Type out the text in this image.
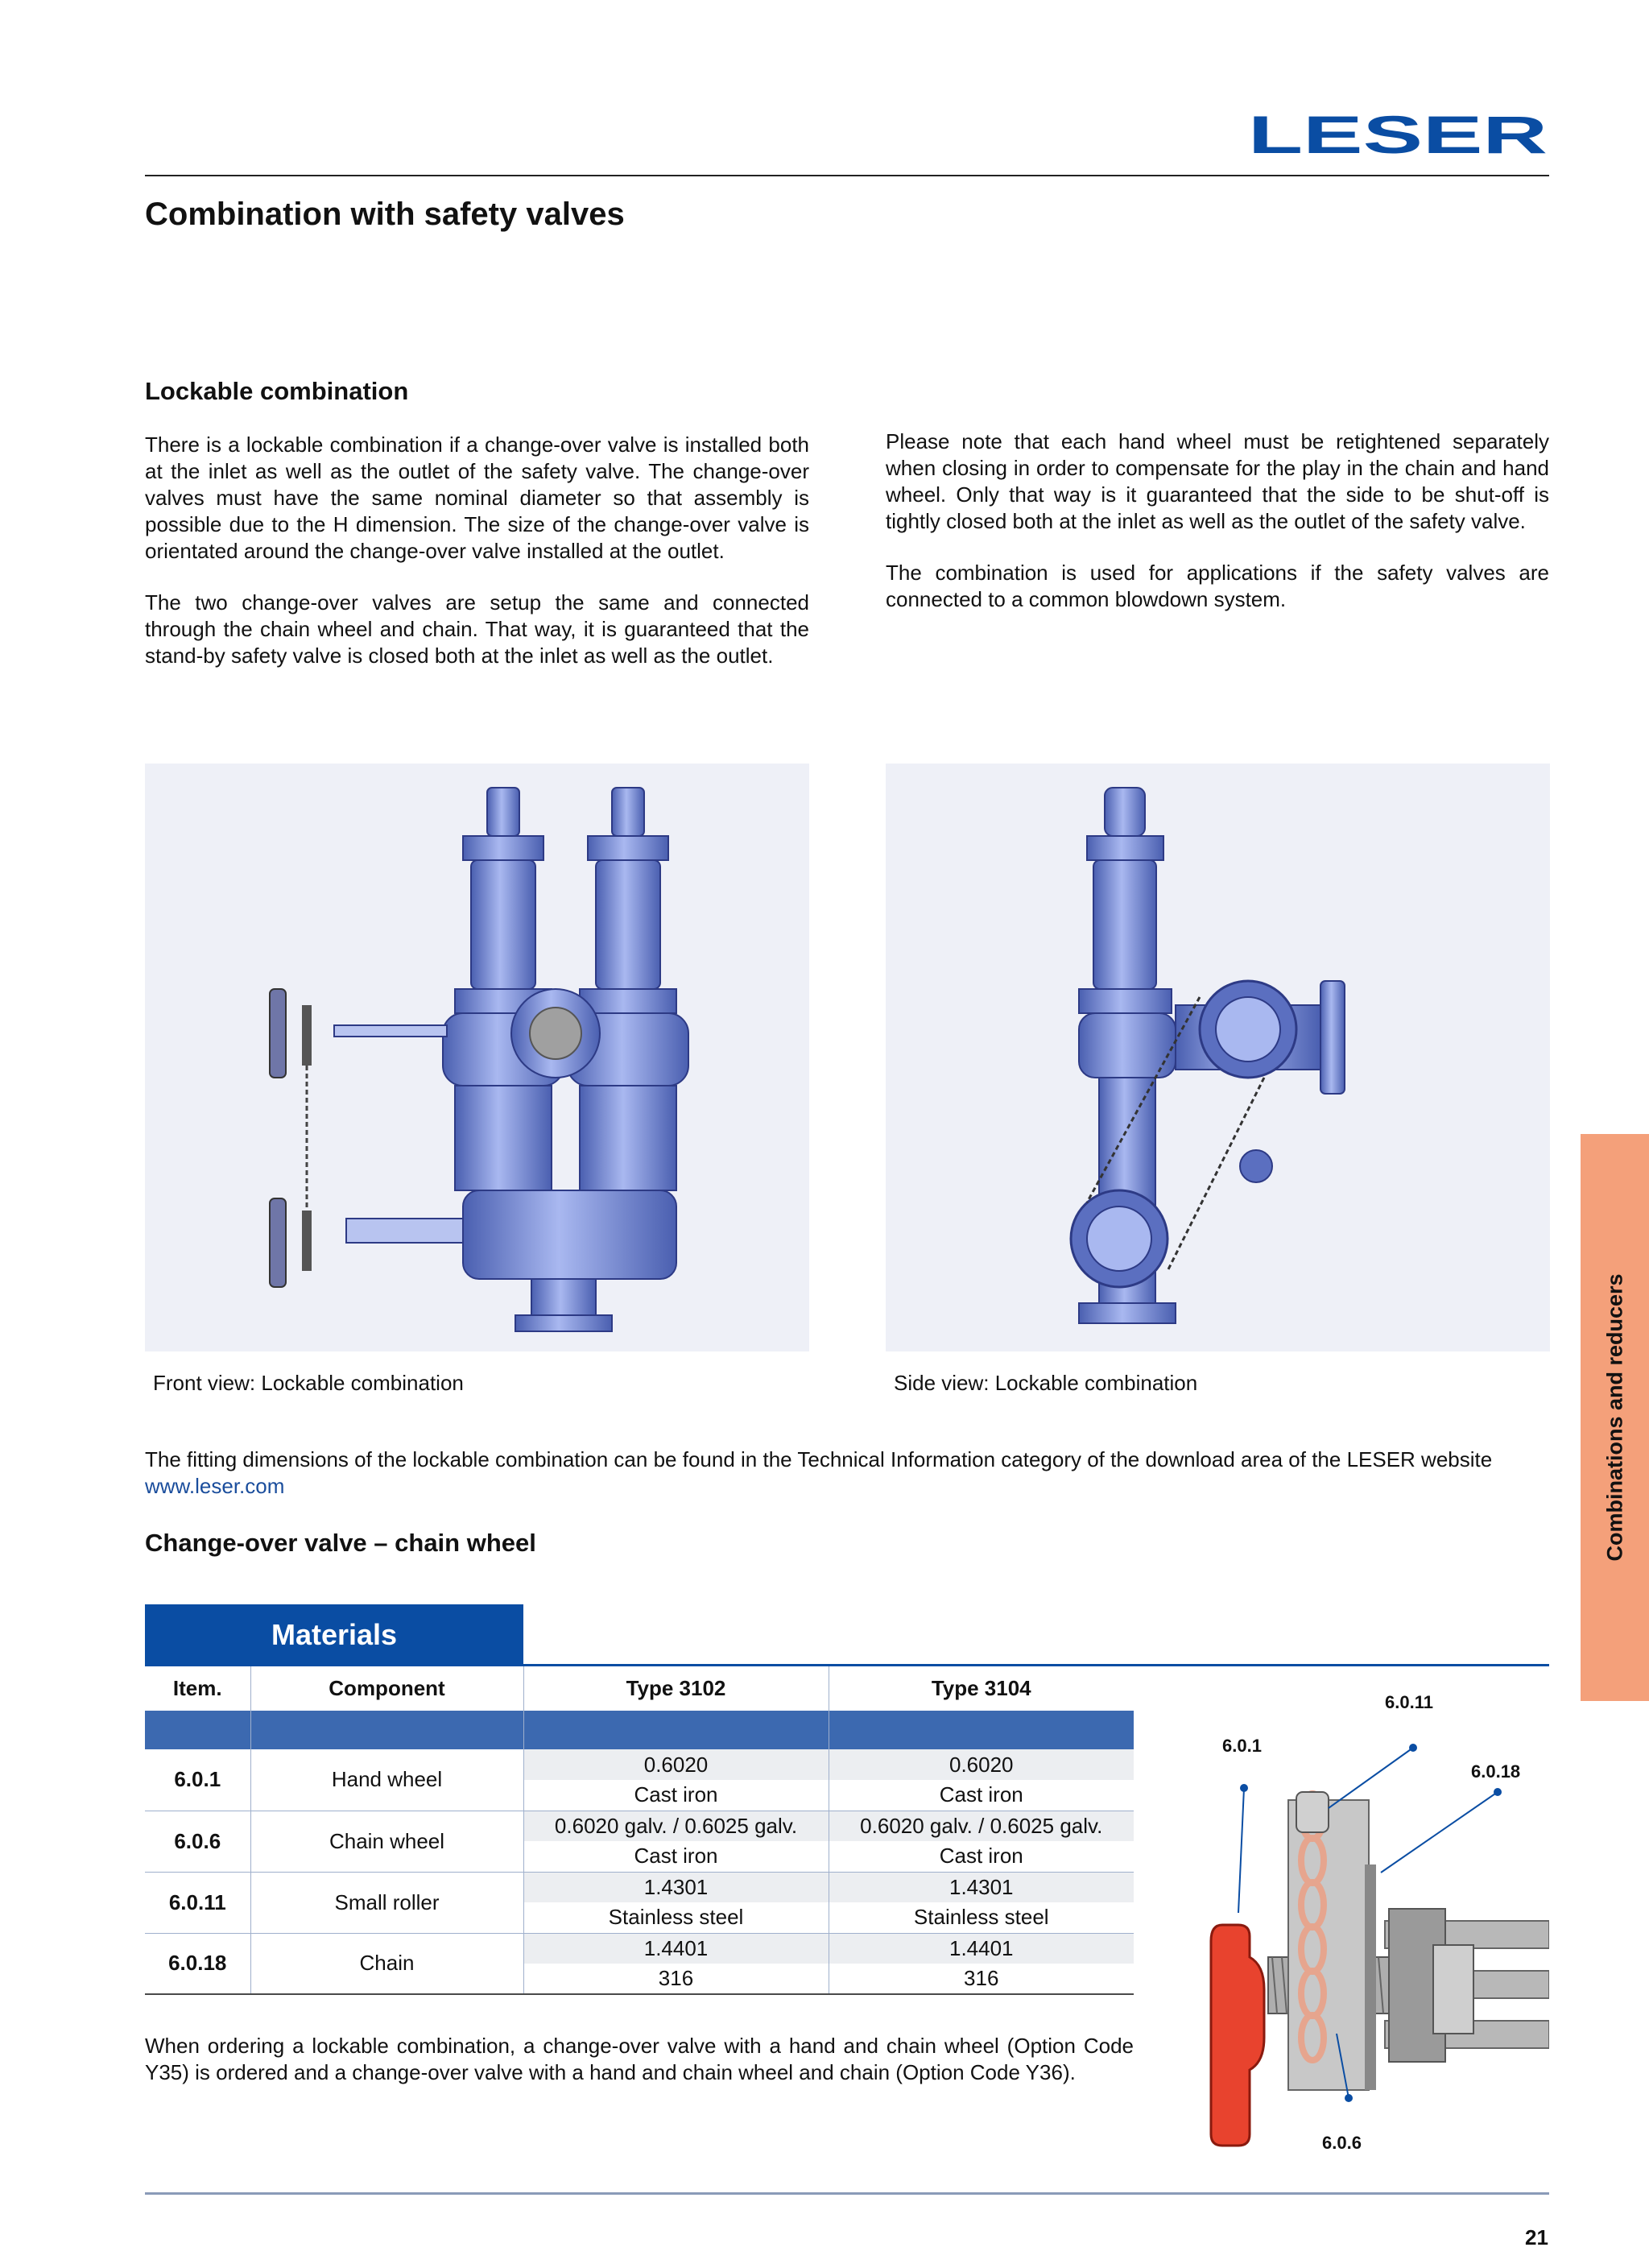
LESER
Combination with safety valves
Lockable combination

There is a lockable combination if a change-over valve is installed both at the inlet as well as the outlet of the safety valve. The change-over valves must have the same nominal diameter so that assembly is possible due to the H dimension. The size of the change-over valve is orientated around the change-over valve installed at the outlet.

The two change-over valves are setup the same and connected through the chain wheel and chain. That way, it is guaranteed that the stand-by safety valve is closed both at the inlet as well as the outlet.

Please note that each hand wheel must be retightened separately when closing in order to compensate for the play in the chain and hand wheel. Only that way is it guaranteed that the side to be shut-off is tightly closed both at the inlet as well as the outlet of the safety valve.

The combination is used for applications if the safety valves are connected to a common blowdown system.

Front view: Lockable combination	Side view: Lockable combination
The fitting dimensions of the lockable combination can be found in the Technical Information category of the download area of the LESER website
www.leser.com
Change-over valve – chain wheel
Materials
Item.	Component	Type 3102	Type 3104

6.0.1	Hand wheel	0.6020	0.6020
		Cast iron	Cast iron
6.0.6	Chain wheel	0.6020 galv. / 0.6025 galv.	0.6020 galv. / 0.6025 galv.
		Cast iron	Cast iron
6.0.11	Small roller	1.4301	1.4301
		Stainless steel	Stainless steel
6.0.18	Chain	1.4401	1.4401
		316	316
When ordering a lockable combination, a change-over valve with a hand and chain wheel (Option Code Y35) is ordered and a change-over valve with a hand and chain wheel and chain (Option Code Y36).
6.0.11
6.0.1
6.0.18
6.0.6
Combinations and reducers
21
